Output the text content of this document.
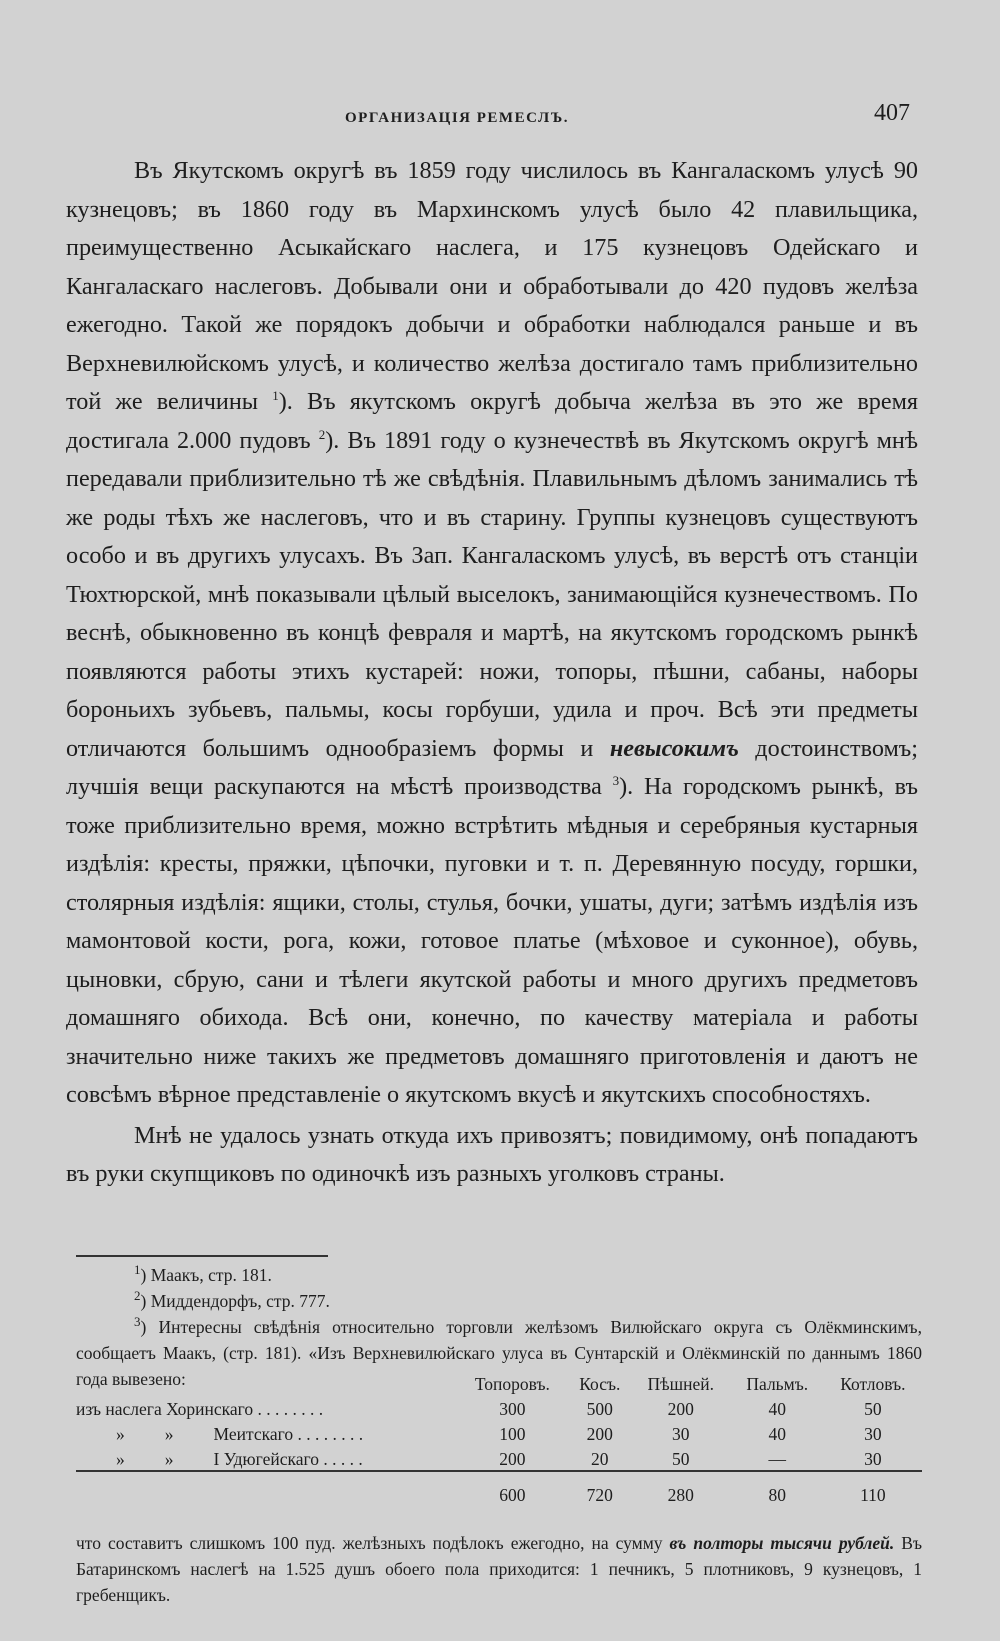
ОРГАНИЗАЦІЯ РЕМЕСЛЪ.	407

Въ Якутскомъ округѣ въ 1859 году числилось въ Кангаласкомъ улусѣ 90 кузнецовъ; въ 1860 году въ Мархинскомъ улусѣ было 42 плавильщика, преимущественно Асыкайскаго наслега, и 175 кузнецовъ Одейскаго и Кангаласкаго наслеговъ. Добывали они и обработывали до 420 пудовъ желѣза ежегодно. Такой же порядокъ добычи и обработки наблюдался раньше и въ Верхневилюйскомъ улусѣ, и количество желѣза достигало тамъ приблизительно той же величины $^1$). Въ якутскомъ округѣ добыча желѣза въ это же время достигала 2.000 пудовъ $^2$). Въ 1891 году о кузнечествѣ въ Якутскомъ округѣ мнѣ передавали приблизительно тѣ же свѣдѣнія. Плавильнымъ дѣломъ занимались тѣ же роды тѣхъ же наслеговъ, что и въ старину. Группы кузнецовъ существуютъ особо и въ другихъ улусахъ. Въ Зап. Кангаласкомъ улусѣ, въ верстѣ отъ станціи Тюхтюрской, мнѣ показывали цѣлый выселокъ, занимающійся кузнечествомъ. По веснѣ, обыкновенно въ концѣ февраля и мартѣ, на якутскомъ городскомъ рынкѣ появляются работы этихъ кустарей: ножи, топоры, пѣшни, сабаны, наборы бороньихъ зубьевъ, пальмы, косы горбуши, удила и проч. Всѣ эти предметы отличаются большимъ однообразіемъ формы и невысокимъ достоинствомъ; лучшія вещи раскупаются на мѣстѣ производства $^3$). На городскомъ рынкѣ, въ тоже приблизительно время, можно встрѣтить мѣдныя и серебряныя кустарныя издѣлія: кресты, пряжки, цѣпочки, пуговки и т. п. Деревянную посуду, горшки, столярныя издѣлія: ящики, столы, стулья, бочки, ушаты, дуги; затѣмъ издѣлія изъ мамонтовой кости, рога, кожи, готовое платье (мѣховое и суконное), обувь, цыновки, сбрую, сани и тѣлеги якутской работы и много другихъ предметовъ домашняго обихода. Всѣ они, конечно, по качеству матеріала и работы значительно ниже такихъ же предметовъ домашняго приготовленія и даютъ не совсѣмъ вѣрное представленіе о якутскомъ вкусѣ и якутскихъ способностяхъ.

Мнѣ не удалось узнать откуда ихъ привозятъ; повидимому, онѣ попадаютъ въ руки скупщиковъ по одиночкѣ изъ разныхъ уголковъ страны.

$^1$) Маакъ, стр. 181.

$^2$) Миддендорфъ, стр. 777.

$^3$) Интересны свѣдѣнія относительно торговли желѣзомъ Вилюйскаго округа съ Олёкминскимъ, сообщаетъ Маакъ, (стр. 181). «Изъ Верхневилюйскаго улуса въ Сунтарскій и Олёкминскій по даннымъ 1860 года вывезено:

		Топоровъ.	Косъ.	Пѣшней.	Пальмъ.	Котловъ.
изъ наслега Хоринскаго . . . . . . . .	300	500	200	40	50
» » Меитскаго . . . . . . . .	100	200	30	40	30
» » I Удюгейскаго . . . . .	200	20	50	—	30
	600	720	280	80	110

что составитъ слишкомъ 100 пуд. желѣзныхъ подѣлокъ ежегодно, на сумму въ полторы тысячи рублей. Въ Батаринскомъ наслегѣ на 1.525 душъ обоего пола приходится: 1 печникъ, 5 плотниковъ, 9 кузнецовъ, 1 гребенщикъ.
